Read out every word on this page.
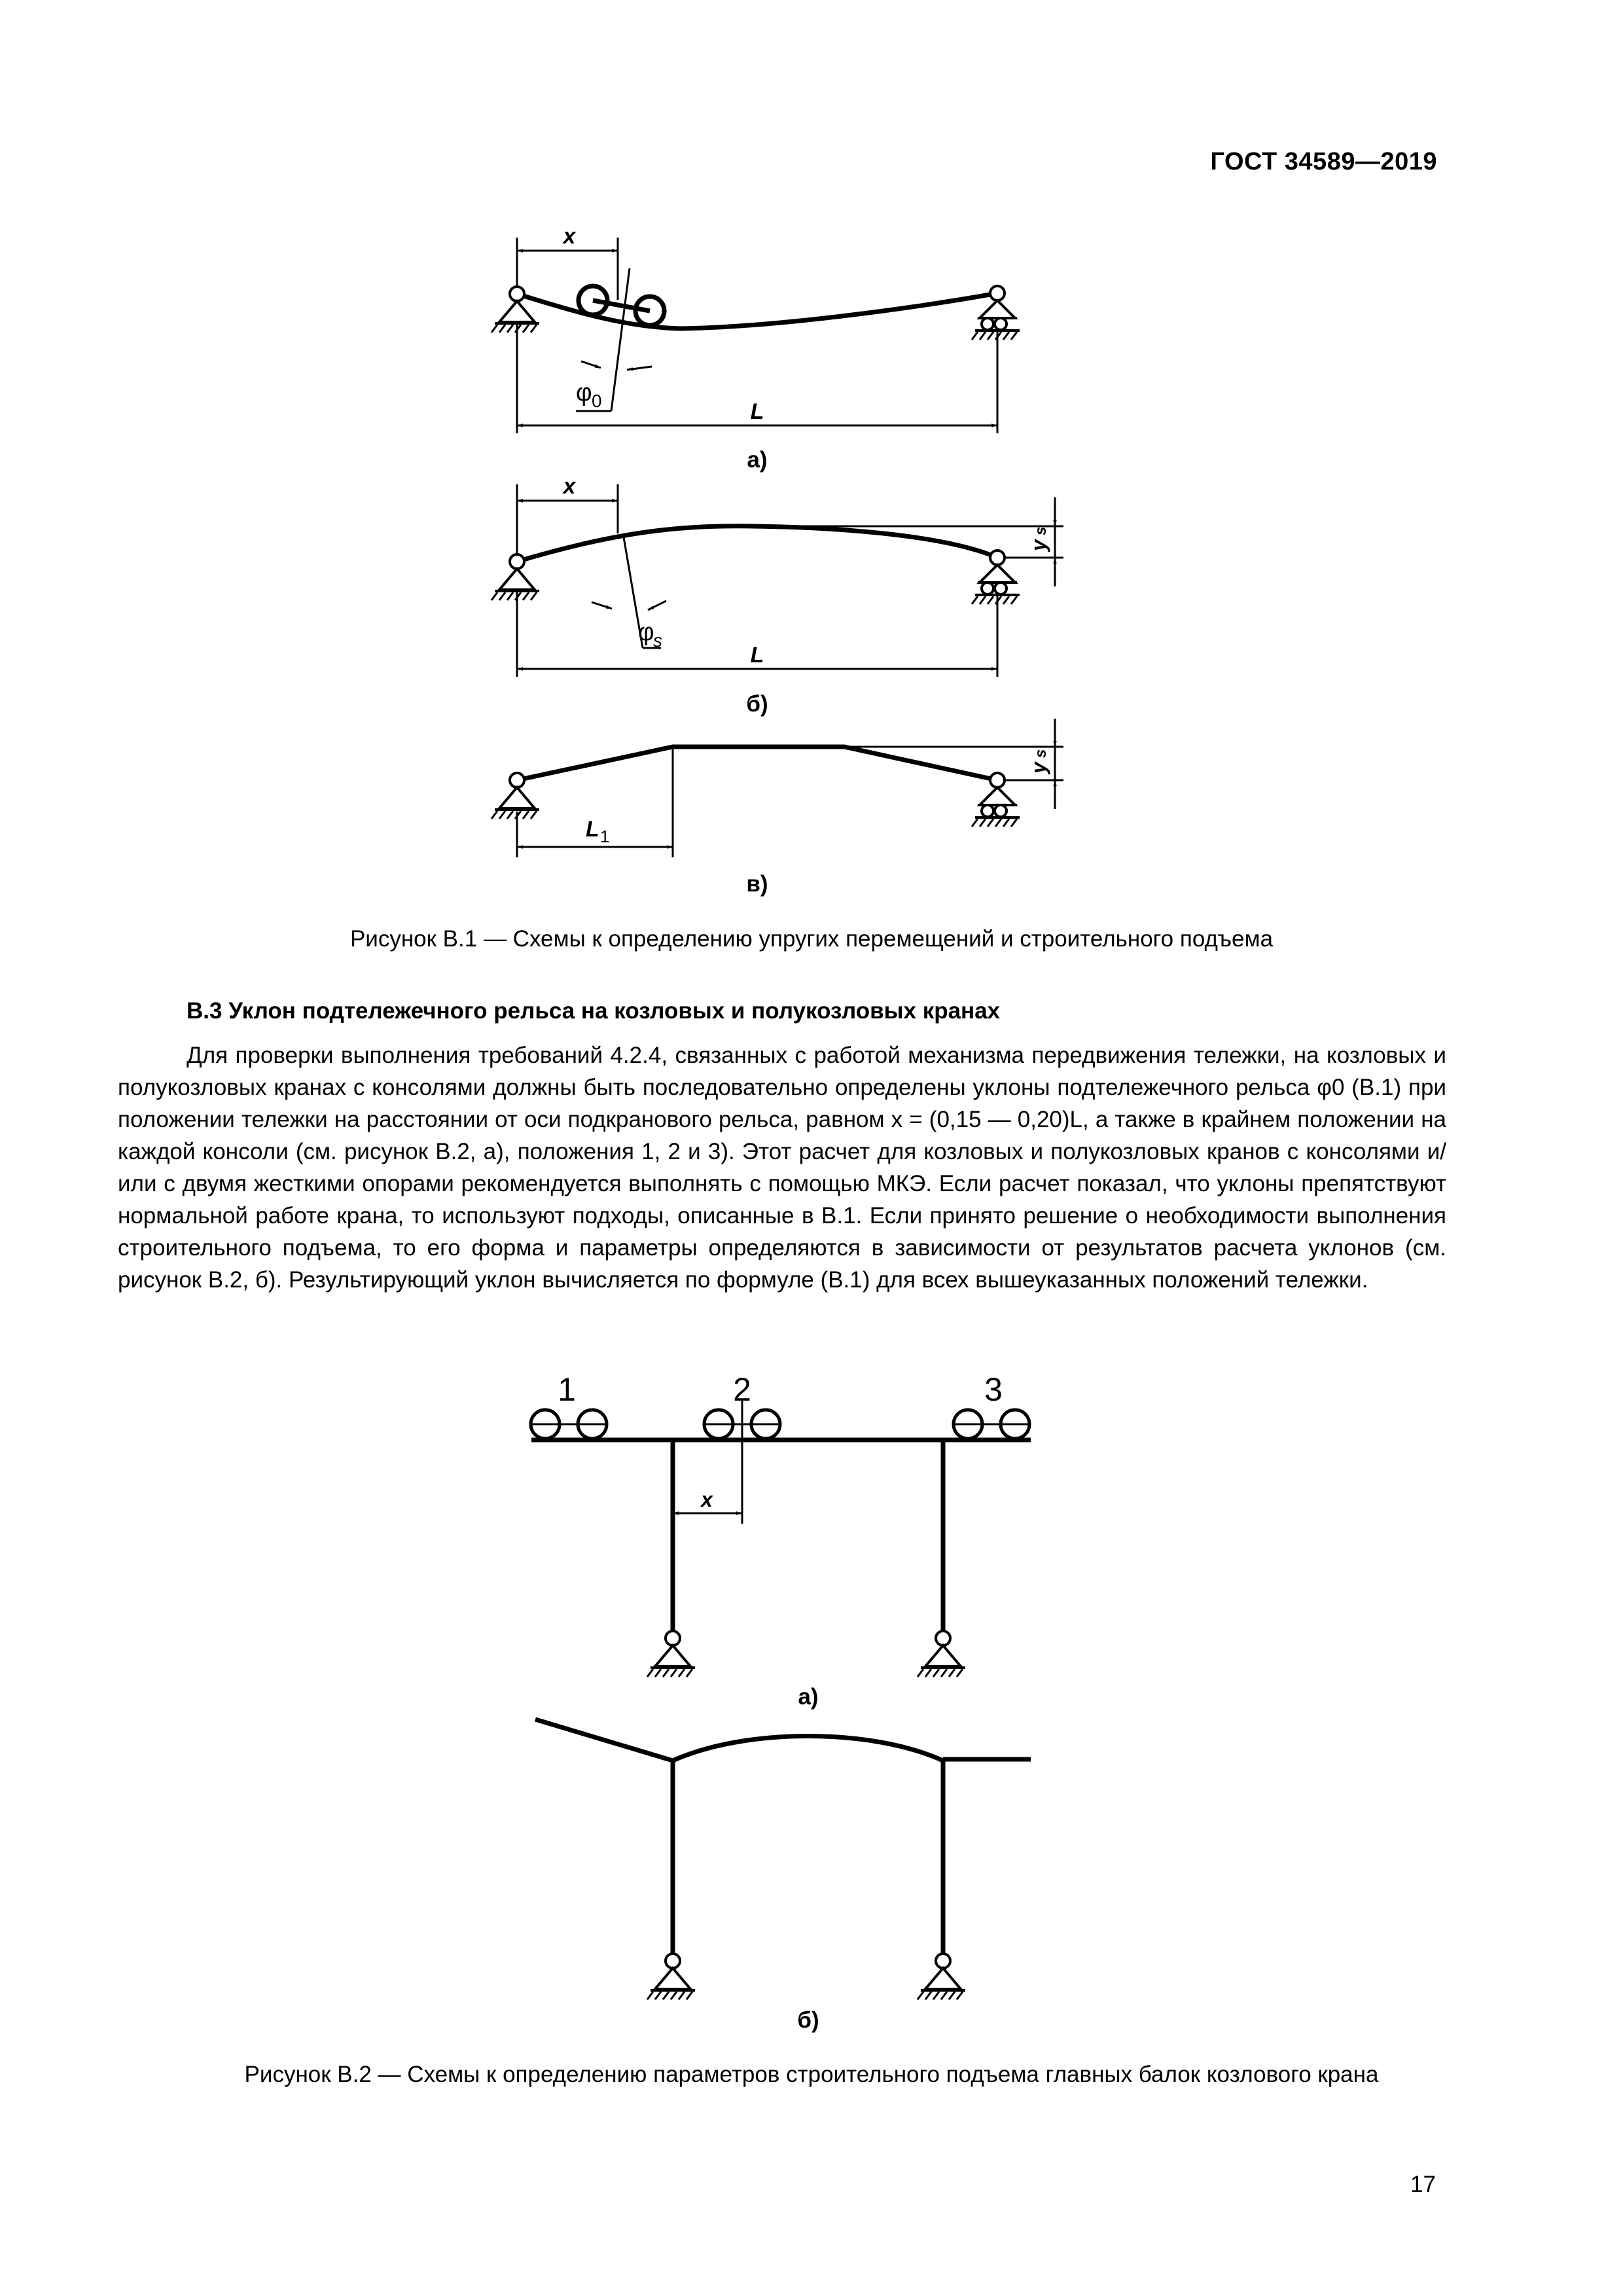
ГОСТ 34589—2019
x
φ 0	L
а)
x
y
s
φ
s
L
б)
y
s
L 1
в)
1	2	3
x
а)
б)
Рисунок В.1 — Схемы к определению упругих перемещений и строительного подъема
В.3 Уклон подтележечного рельса на козловых и полукозловых кранах
Для проверки выполнения требований 4.2.4, связанных с работой механизма передвижения тележки, на козловых и полукозловых кранах с консолями должны быть последовательно определены уклоны подтележечного рельса φ0 (В.1) при положении тележки на расстоянии от оси подкранового рельса, равном x = (0,15 — 0,20)L, а также в крайнем положении на каждой консоли (см. рисунок В.2, а), положения 1, 2 и 3). Этот расчет для козловых и полукозловых кранов с консолями и/или с двумя жесткими опорами рекомендуется выполнять с помощью МКЭ. Если расчет показал, что уклоны препятствуют нормальной работе крана, то используют подходы, описанные в В.1. Если принято решение о необходимости выполнения строительного подъема, то его форма и параметры определяются в зависимости от результатов расчета уклонов (см. рисунок В.2, б). Результирующий уклон вычисляется по формуле (В.1) для всех вышеуказанных положений тележки.
Рисунок В.2 — Схемы к определению параметров строительного подъема главных балок козлового крана
17
